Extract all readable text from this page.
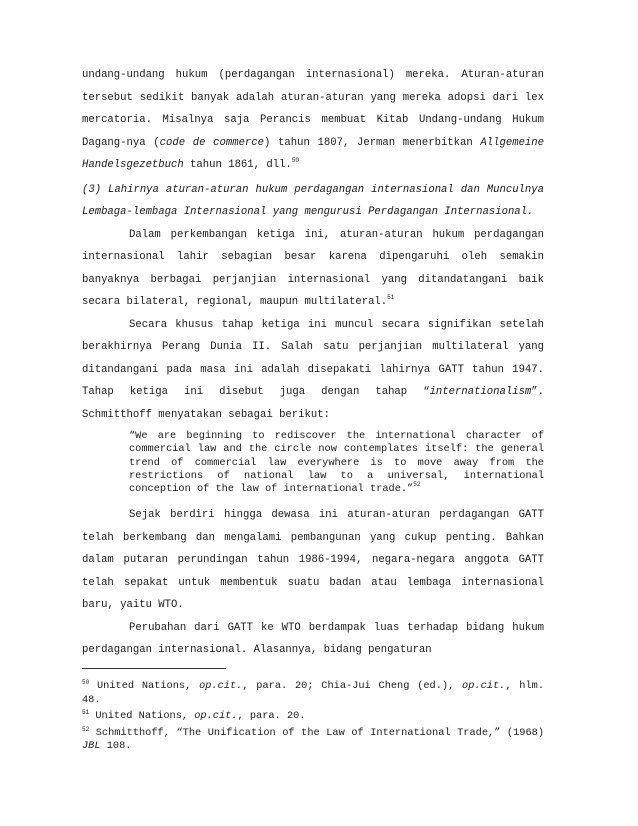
undang-undang hukum (perdagangan internasional) mereka. Aturan-aturan tersebut sedikit banyak adalah aturan-aturan yang mereka adopsi dari lex mercatoria. Misalnya saja Perancis membuat Kitab Undang-undang Hukum Dagang-nya (code de commerce) tahun 1807, Jerman menerbitkan Allgemeine Handelsgezetbuch tahun 1861, dll.$^{50}$

(3) Lahirnya aturan-aturan hukum perdagangan internasional dan Munculnya Lembaga-lembaga Internasional yang mengurusi Perdagangan Internasional.

Dalam perkembangan ketiga ini, aturan-aturan hukum perdagangan internasional lahir sebagian besar karena dipengaruhi oleh semakin banyaknya berbagai perjanjian internasional yang ditandatangani baik secara bilateral, regional, maupun multilateral.$^{51}$

Secara khusus tahap ketiga ini muncul secara signifikan setelah berakhirnya Perang Dunia II. Salah satu perjanjian multilateral yang ditandangani pada masa ini adalah disepakati lahirnya GATT tahun 1947. Tahap ketiga ini disebut juga dengan tahap “internationalism”. Schmitthoff menyatakan sebagai berikut:

“We are beginning to rediscover the international character of commercial law and the circle now contemplates itself: the general trend of commercial law everywhere is to move away from the restrictions of national law to a universal, international conception of the law of international trade.”$^{52}$

Sejak berdiri hingga dewasa ini aturan-aturan perdagangan GATT telah berkembang dan mengalami pembangunan yang cukup penting. Bahkan dalam putaran perundingan tahun 1986-1994, negara-negara anggota GATT telah sepakat untuk membentuk suatu badan atau lembaga internasional baru, yaitu WTO.

Perubahan dari GATT ke WTO berdampak luas terhadap bidang hukum perdagangan internasional. Alasannya, bidang pengaturan

$^{50}$ United Nations, op.cit., para. 20; Chia-Jui Cheng (ed.), op.cit., hlm. 48.

$^{51}$ United Nations, op.cit., para. 20.

$^{52}$ Schmitthoff, “The Unification of the Law of International Trade,” (1968) JBL 108.
